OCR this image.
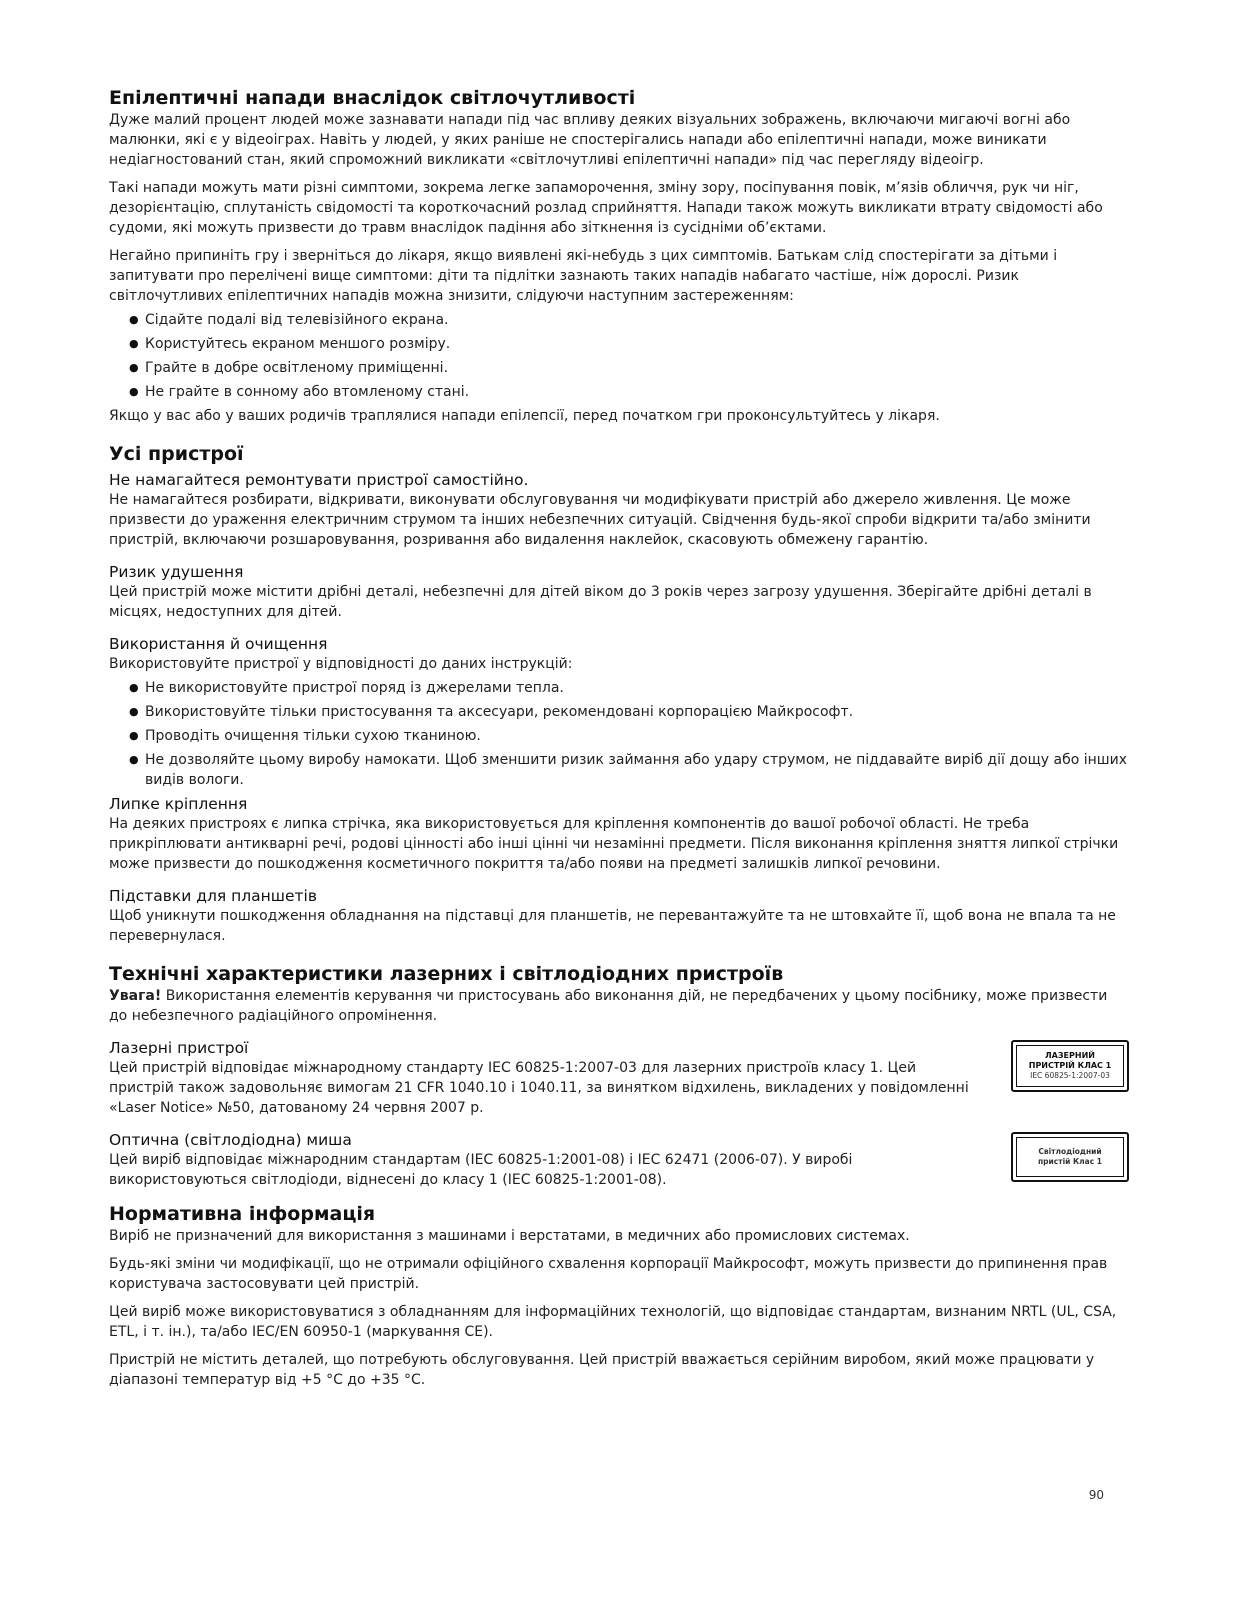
Епілептичні напади внаслідок світлочутливості

Дуже малий процент людей може зазнавати напади під час впливу деяких візуальних зображень, включаючи мигаючі вогні або малюнки, які є у відеоіграх. Навіть у людей, у яких раніше не спостерігались напади або епілептичні напади, може виникати недіагностований стан, який спроможний викликати «світлочутливі епілептичні напади» під час перегляду відеоігр.

Такі напади можуть мати різні симптоми, зокрема легке запаморочення, зміну зору, посіпування повік, м’язів обличчя, рук чи ніг, дезорієнтацію, сплутаність свідомості та короткочасний розлад сприйняття. Напади також можуть викликати втрату свідомості або судоми, які можуть призвести до травм внаслідок падіння або зіткнення із сусідніми об’єктами.

Негайно припиніть гру і зверніться до лікаря, якщо виявлені які-небудь з цих симптомів. Батькам слід спостерігати за дітьми і запитувати про перелічені вище симптоми: діти та підлітки зазнають таких нападів набагато частіше, ніж дорослі. Ризик світлочутливих епілептичних нападів можна знизити, слідуючи наступним застереженням:

● Сідайте подалі від телевізійного екрана.
● Користуйтесь екраном меншого розміру.
● Грайте в добре освітленому приміщенні.
● Не грайте в сонному або втомленому стані.

Якщо у вас або у ваших родичів траплялися напади епілепсії, перед початком гри проконсультуйтесь у лікаря.

Усі пристрої
Не намагайтеся ремонтувати пристрої самостійно.

Не намагайтеся розбирати, відкривати, виконувати обслуговування чи модифікувати пристрій або джерело живлення. Це може призвести до ураження електричним струмом та інших небезпечних ситуацій. Свідчення будь-якої спроби відкрити та/або змінити пристрій, включаючи розшаровування, розривання або видалення наклейок, скасовують обмежену гарантію.

Ризик удушення

Цей пристрій може містити дрібні деталі, небезпечні для дітей віком до 3 років через загрозу удушення. Зберігайте дрібні деталі в місцях, недоступних для дітей.

Використання й очищення

Використовуйте пристрої у відповідності до даних інструкцій:

● Не використовуйте пристрої поряд із джерелами тепла.
● Використовуйте тільки пристосування та аксесуари, рекомендовані корпорацією Майкрософт.
● Проводіть очищення тільки сухою тканиною.
● Не дозволяйте цьому виробу намокати. Щоб зменшити ризик займання або удару струмом, не піддавайте виріб дії дощу або інших видів вологи.
Липке кріплення

На деяких пристроях є липка стрічка, яка використовується для кріплення компонентів до вашої робочої області. Не треба прикріплювати антикварні речі, родові цінності або інші цінні чи незамінні предмети. Після виконання кріплення зняття липкої стрічки може призвести до пошкодження косметичного покриття та/або появи на предметі залишків липкої речовини.

Підставки для планшетів

Щоб уникнути пошкодження обладнання на підставці для планшетів, не перевантажуйте та не штовхайте її, щоб вона не впала та не перевернулася.

Технічні характеристики лазерних і світлодіодних пристроїв

Увага! Використання елементів керування чи пристосувань або виконання дій, не передбачених у цьому посібнику, може призвести до небезпечного радіаційного опромінення.

Лазерні пристрої

Цей пристрій відповідає міжнародному стандарту IEC 60825-1:2007-03 для лазерних пристроїв класу 1. Цей пристрій також задовольняє вимогам 21 CFR 1040.10 і 1040.11, за винятком відхилень, викладених у повідомленні «Laser Notice» №50, датованому 24 червня 2007 р.

ЛАЗЕРНИЙ
ПРИСТРІЙ КЛАС 1
IEC 60825-1:2007-03
Оптична (світлодіодна) миша

Цей виріб відповідає міжнародним стандартам (IEC 60825-1:2001-08) і IEC 62471 (2006-07). У виробі використовуються світлодіоди, віднесені до класу 1 (IEC 60825-1:2001-08).

Світлодіодний
пристій Клас 1
Нормативна інформація

Виріб не призначений для використання з машинами і верстатами, в медичних або промислових системах.

Будь-які зміни чи модифікації, що не отримали офіційного схвалення корпорації Майкрософт, можуть призвести до припинення прав користувача застосовувати цей пристрій.

Цей виріб може використовуватися з обладнанням для інформаційних технологій, що відповідає стандартам, визнаним NRTL (UL, CSA, ETL, і т. ін.), та/або IEC/EN 60950-1 (маркування CE).

Пристрій не містить деталей, що потребують обслуговування. Цей пристрій вважається серійним виробом, який може працювати у діапазоні температур від +5 °C до +35 °C.

90
